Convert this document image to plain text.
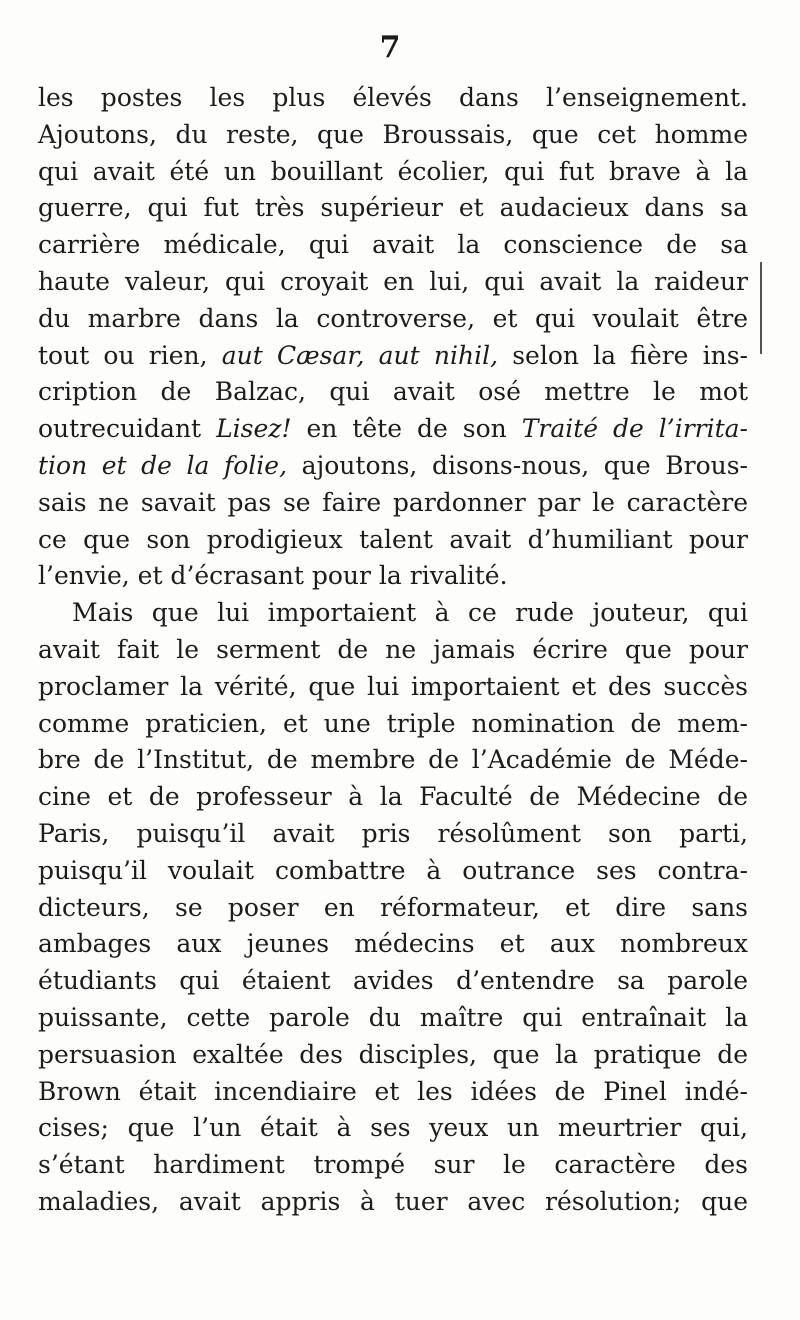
7
les postes les plus élevés dans l’enseignement.
Ajoutons, du reste, que Broussais, que cet homme
qui avait été un bouillant écolier, qui fut brave à la
guerre, qui fut très supérieur et audacieux dans sa
carrière médicale, qui avait la conscience de sa
haute valeur, qui croyait en lui, qui avait la raideur
du marbre dans la controverse, et qui voulait être
tout ou rien, aut Cæsar, aut nihil, selon la fière ins-
cription de Balzac, qui avait osé mettre le mot
outrecuidant Lisez! en tête de son Traité de l’irrita-
tion et de la folie, ajoutons, disons-nous, que Brous-
sais ne savait pas se faire pardonner par le caractère
ce que son prodigieux talent avait d’humiliant pour
l’envie, et d’écrasant pour la rivalité.
Mais que lui importaient à ce rude jouteur, qui
avait fait le serment de ne jamais écrire que pour
proclamer la vérité, que lui importaient et des succès
comme praticien, et une triple nomination de mem-
bre de l’Institut, de membre de l’Académie de Méde-
cine et de professeur à la Faculté de Médecine de
Paris, puisqu’il avait pris résolûment son parti,
puisqu’il voulait combattre à outrance ses contra-
dicteurs, se poser en réformateur, et dire sans
ambages aux jeunes médecins et aux nombreux
étudiants qui étaient avides d’entendre sa parole
puissante, cette parole du maître qui entraînait la
persuasion exaltée des disciples, que la pratique de
Brown était incendiaire et les idées de Pinel indé-
cises; que l’un était à ses yeux un meurtrier qui,
s’étant hardiment trompé sur le caractère des
maladies, avait appris à tuer avec résolution; que
